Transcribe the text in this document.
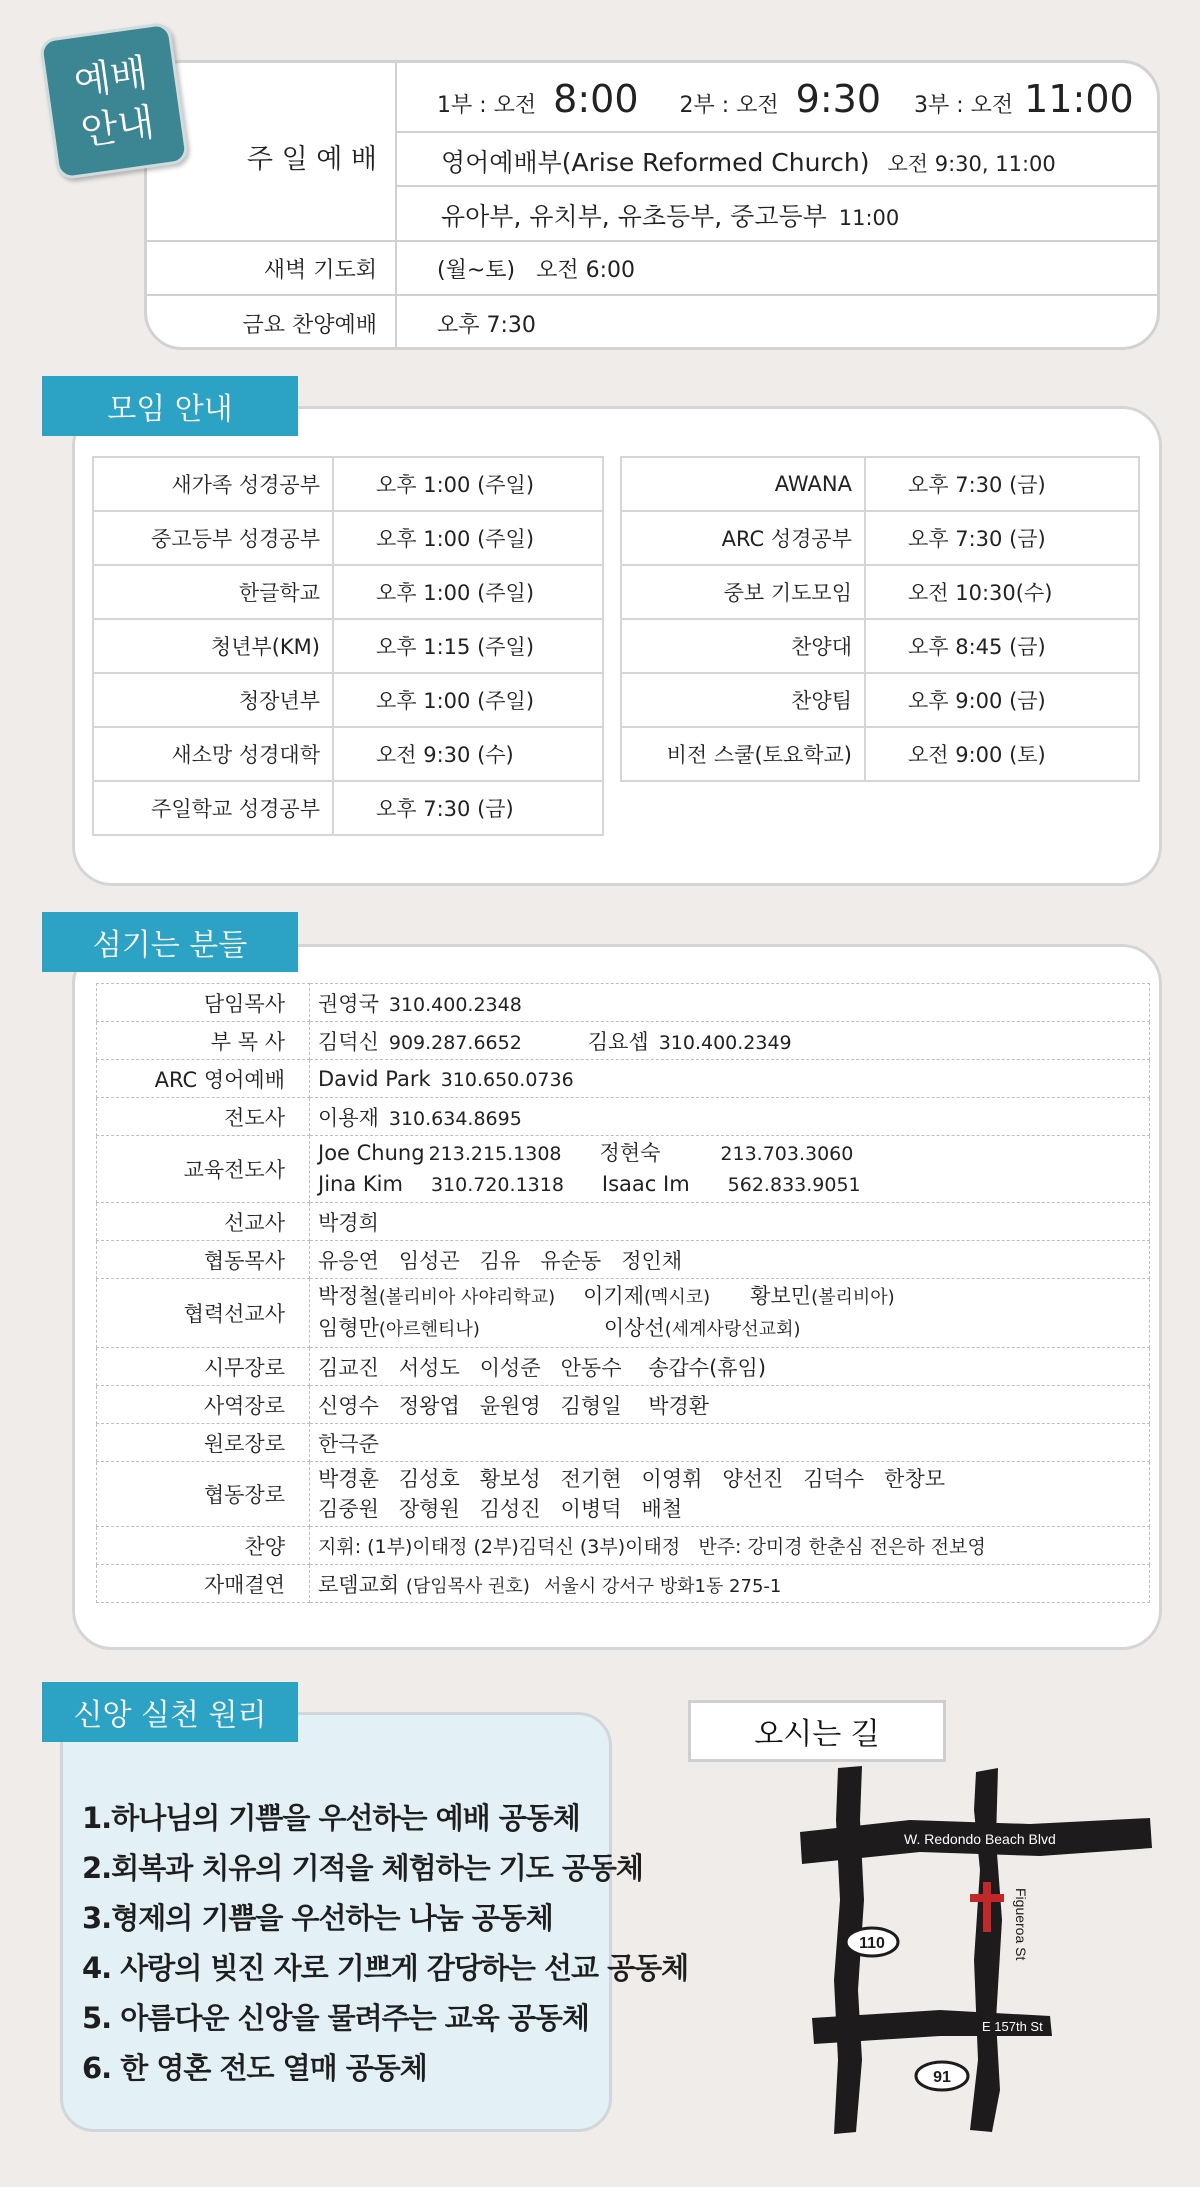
주 일 예 배
1부 : 오전 8:00 2부 : 오전 9:30 3부 : 오전 11:00
영어예배부(Arise Reformed Church) 오전 9:30, 11:00
유아부, 유치부, 유초등부, 중고등부 11:00
새벽 기도회	(월~토) 오전 6:00
금요 찬양예배	오후 7:30
예배
안내
모임 안내
새가족 성경공부	오후 1:00 (주일)
중고등부 성경공부	오후 1:00 (주일)
한글학교	오후 1:00 (주일)
청년부(KM)	오후 1:15 (주일)
청장년부	오후 1:00 (주일)
새소망 성경대학	오전 9:30 (수)
주일학교 성경공부	오후 7:30 (금)
AWANA	오후 7:30 (금)
ARC 성경공부	오후 7:30 (금)
중보 기도모임	오전 10:30(수)
찬양대	오후 8:45 (금)
찬양팀	오후 9:00 (금)
비전 스쿨(토요학교)	오전 9:00 (토)
섬기는 분들
담임목사	권영국 310.400.2348
부 목 사	김덕신 909.287.6652 김요셉 310.400.2349
ARC 영어예배	David Park 310.650.0736
전도사	이용재 310.634.8695
교육전도사	Joe Chung 213.215.1308 정현숙 213.703.3060
Jina Kim 310.720.1318 Isaac Im 562.833.9051
선교사	박경희
협동목사	유응연   임성곤   김유   유순동   정인채
협력선교사	박정철(볼리비아 사야리학교) 이기제(멕시코) 황보민(볼리비아)
임형만(아르헨티나) 이상선(세계사랑선교회)
시무장로	김교진   서성도   이성준   안동수    송갑수(휴임)
사역장로	신영수   정왕엽   윤원영   김형일    박경환
원로장로	한극준
협동장로	박경훈   김성호   황보성   전기현   이영휘   양선진   김덕수   한창모
김중원   장형원   김성진   이병덕   배철
찬양	지휘: (1부)이태정 (2부)김덕신 (3부)이태정   반주: 강미경 한춘심 전은하 전보영
자매결연	로뎀교회 (담임목사 권호) 서울시 강서구 방화1동 275-1
신앙 실천 원리
1.하나님의 기쁨을 우선하는 예배 공동체
2.회복과 치유의 기적을 체험하는 기도 공동체
3.형제의 기쁨을 우선하는 나눔 공동체
4. 사랑의 빚진 자로 기쁘게 감당하는 선교 공동체
5. 아름다운 신앙을 물려주는 교육 공동체
6. 한 영혼 전도 열매 공동체
오시는 길
W. Redondo Beach Blvd
Figueroa St
E 157th St
110
91
